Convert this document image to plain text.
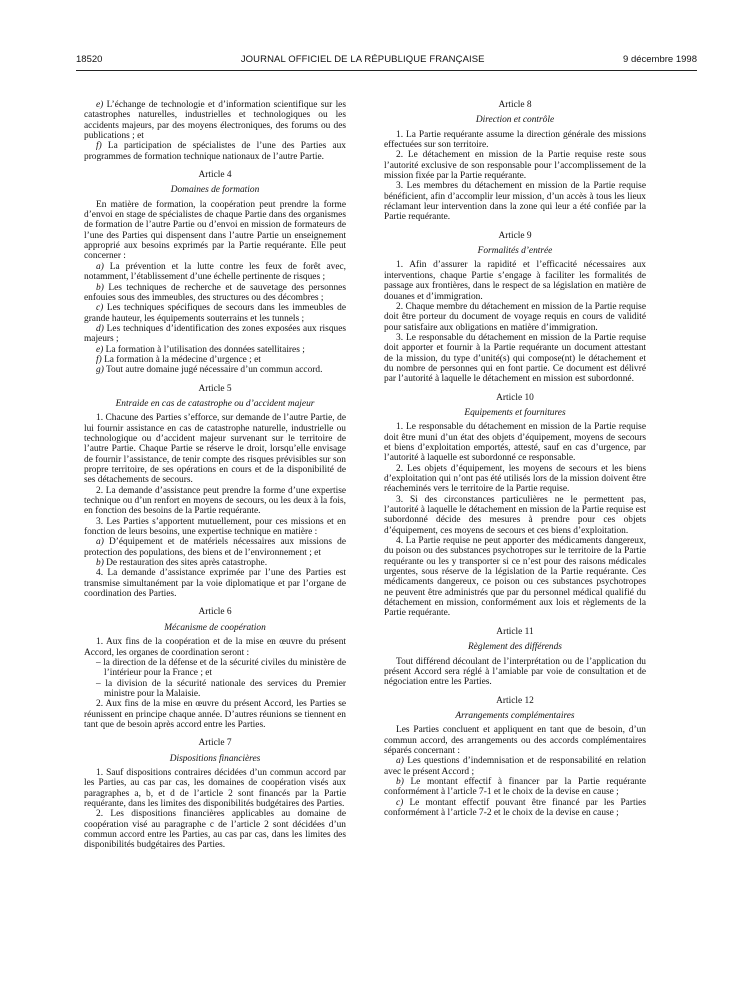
18520	JOURNAL OFFICIEL DE LA RÉPUBLIQUE FRANÇAISE	9 décembre 1998

e) L’échange de technologie et d’information scientifique sur les catastrophes naturelles, industrielles et technologiques ou les accidents majeurs, par des moyens électroniques, des forums ou des publications ; et

f) La participation de spécialistes de l’une des Parties aux programmes de formation technique nationaux de l’autre Partie.

Article 4

Domaines de formation

En matière de formation, la coopération peut prendre la forme d’envoi en stage de spécialistes de chaque Partie dans des organismes de formation de l’autre Partie ou d’envoi en mission de formateurs de l’une des Parties qui dispensent dans l’autre Partie un enseignement approprié aux besoins exprimés par la Partie requérante. Elle peut concerner :

a) La prévention et la lutte contre les feux de forêt avec, notamment, l’établissement d’une échelle pertinente de risques ;

b) Les techniques de recherche et de sauvetage des personnes enfouies sous des immeubles, des structures ou des décombres ;

c) Les techniques spécifiques de secours dans les immeubles de grande hauteur, les équipements souterrains et les tunnels ;

d) Les techniques d’identification des zones exposées aux risques majeurs ;

e) La formation à l’utilisation des données satellitaires ;

f) La formation à la médecine d’urgence ; et

g) Tout autre domaine jugé nécessaire d’un commun accord.

Article 5

Entraide en cas de catastrophe ou d’accident majeur

1. Chacune des Parties s’efforce, sur demande de l’autre Partie, de lui fournir assistance en cas de catastrophe naturelle, industrielle ou technologique ou d’accident majeur survenant sur le territoire de l’autre Partie. Chaque Partie se réserve le droit, lorsqu’elle envisage de fournir l’assistance, de tenir compte des risques prévisibles sur son propre territoire, de ses opérations en cours et de la disponibilité de ses détachements de secours.

2. La demande d’assistance peut prendre la forme d’une expertise technique ou d’un renfort en moyens de secours, ou les deux à la fois, en fonction des besoins de la Partie requérante.

3. Les Parties s’apportent mutuellement, pour ces missions et en fonction de leurs besoins, une expertise technique en matière :

a) D’équipement et de matériels nécessaires aux missions de protection des populations, des biens et de l’environnement ; et

b) De restauration des sites après catastrophe.

4. La demande d’assistance exprimée par l’une des Parties est transmise simultanément par la voie diplomatique et par l’organe de coordination des Parties.

Article 6

Mécanisme de coopération

1. Aux fins de la coopération et de la mise en œuvre du présent Accord, les organes de coordination seront :

– la direction de la défense et de la sécurité civiles du ministère de l’intérieur pour la France ; et

– la division de la sécurité nationale des services du Premier ministre pour la Malaisie.

2. Aux fins de la mise en œuvre du présent Accord, les Parties se réunissent en principe chaque année. D’autres réunions se tiennent en tant que de besoin après accord entre les Parties.

Article 7

Dispositions financières

1. Sauf dispositions contraires décidées d’un commun accord par les Parties, au cas par cas, les domaines de coopération visés aux paragraphes a, b, et d de l’article 2 sont financés par la Partie requérante, dans les limites des disponibilités budgétaires des Parties.

2. Les dispositions financières applicables au domaine de coopération visé au paragraphe c de l’article 2 sont décidées d’un commun accord entre les Parties, au cas par cas, dans les limites des disponibilités budgétaires des Parties.

Article 8

Direction et contrôle

1. La Partie requérante assume la direction générale des missions effectuées sur son territoire.

2. Le détachement en mission de la Partie requise reste sous l’autorité exclusive de son responsable pour l’accomplissement de la mission fixée par la Partie requérante.

3. Les membres du détachement en mission de la Partie requise bénéficient, afin d’accomplir leur mission, d’un accès à tous les lieux réclamant leur intervention dans la zone qui leur a été confiée par la Partie requérante.

Article 9

Formalités d’entrée

1. Afin d’assurer la rapidité et l’efficacité nécessaires aux interventions, chaque Partie s’engage à faciliter les formalités de passage aux frontières, dans le respect de sa législation en matière de douanes et d’immigration.

2. Chaque membre du détachement en mission de la Partie requise doit être porteur du document de voyage requis en cours de validité pour satisfaire aux obligations en matière d’immigration.

3. Le responsable du détachement en mission de la Partie requise doit apporter et fournir à la Partie requérante un document attestant de la mission, du type d’unité(s) qui compose(nt) le détachement et du nombre de personnes qui en font partie. Ce document est délivré par l’autorité à laquelle le détachement en mission est subordonné.

Article 10

Equipements et fournitures

1. Le responsable du détachement en mission de la Partie requise doit être muni d’un état des objets d’équipement, moyens de secours et biens d’exploitation emportés, attesté, sauf en cas d’urgence, par l’autorité à laquelle est subordonné ce responsable.

2. Les objets d’équipement, les moyens de secours et les biens d’exploitation qui n’ont pas été utilisés lors de la mission doivent être réacheminés vers le territoire de la Partie requise.

3. Si des circonstances particulières ne le permettent pas, l’autorité à laquelle le détachement en mission de la Partie requise est subordonné décide des mesures à prendre pour ces objets d’équipement, ces moyens de secours et ces biens d’exploitation.

4. La Partie requise ne peut apporter des médicaments dangereux, du poison ou des substances psychotropes sur le territoire de la Partie requérante ou les y transporter si ce n’est pour des raisons médicales urgentes, sous réserve de la législation de la Partie requérante. Ces médicaments dangereux, ce poison ou ces substances psychotropes ne peuvent être administrés que par du personnel médical qualifié du détachement en mission, conformément aux lois et règlements de la Partie requérante.

Article 11

Règlement des différends

Tout différend découlant de l’interprétation ou de l’application du présent Accord sera réglé à l’amiable par voie de consultation et de négociation entre les Parties.

Article 12

Arrangements complémentaires

Les Parties concluent et appliquent en tant que de besoin, d’un commun accord, des arrangements ou des accords complémentaires séparés concernant :

a) Les questions d’indemnisation et de responsabilité en relation avec le présent Accord ;

b) Le montant effectif à financer par la Partie requérante conformément à l’article 7-1 et le choix de la devise en cause ;

c) Le montant effectif pouvant être financé par les Parties conformément à l’article 7-2 et le choix de la devise en cause ;
